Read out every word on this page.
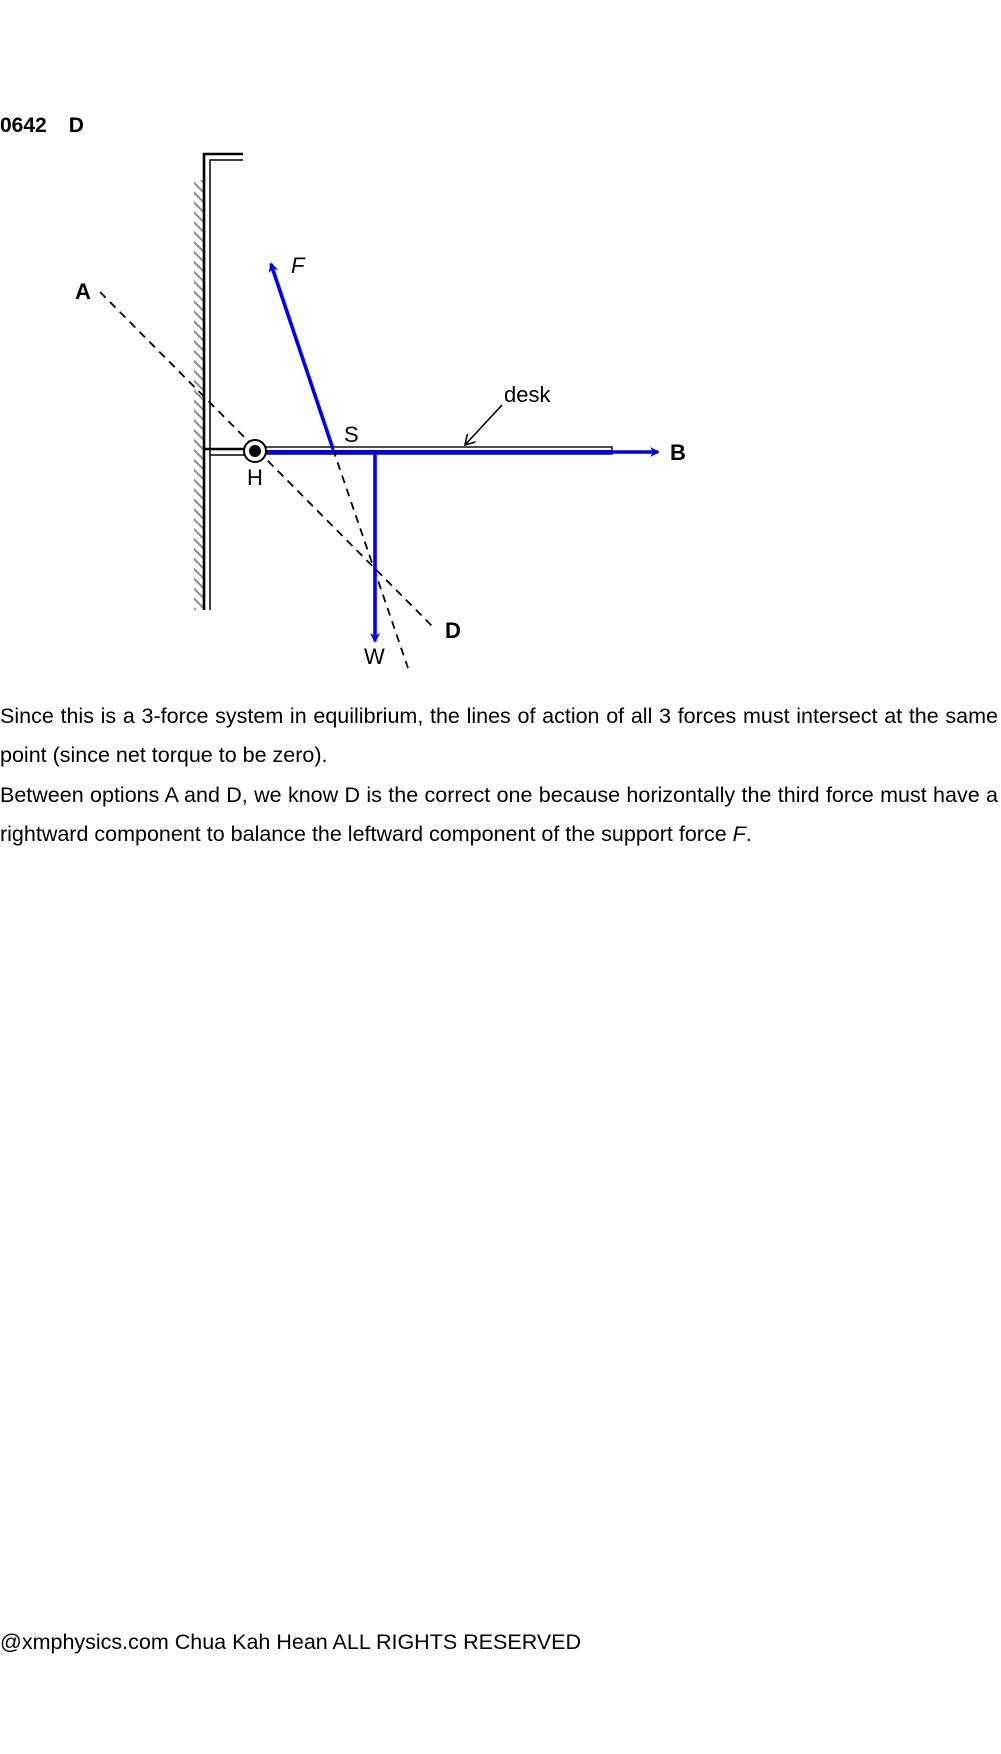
0642 D
F
A
B
D
desk
S
H
W

Since this is a 3-force system in equilibrium, the lines of action of all 3 forces must intersect at the same point (since net torque to be zero).

Between options A and D, we know D is the correct one because horizontally the third force must have a rightward component to balance the leftward component of the support force F.

@xmphysics.com Chua Kah Hean ALL RIGHTS RESERVED
